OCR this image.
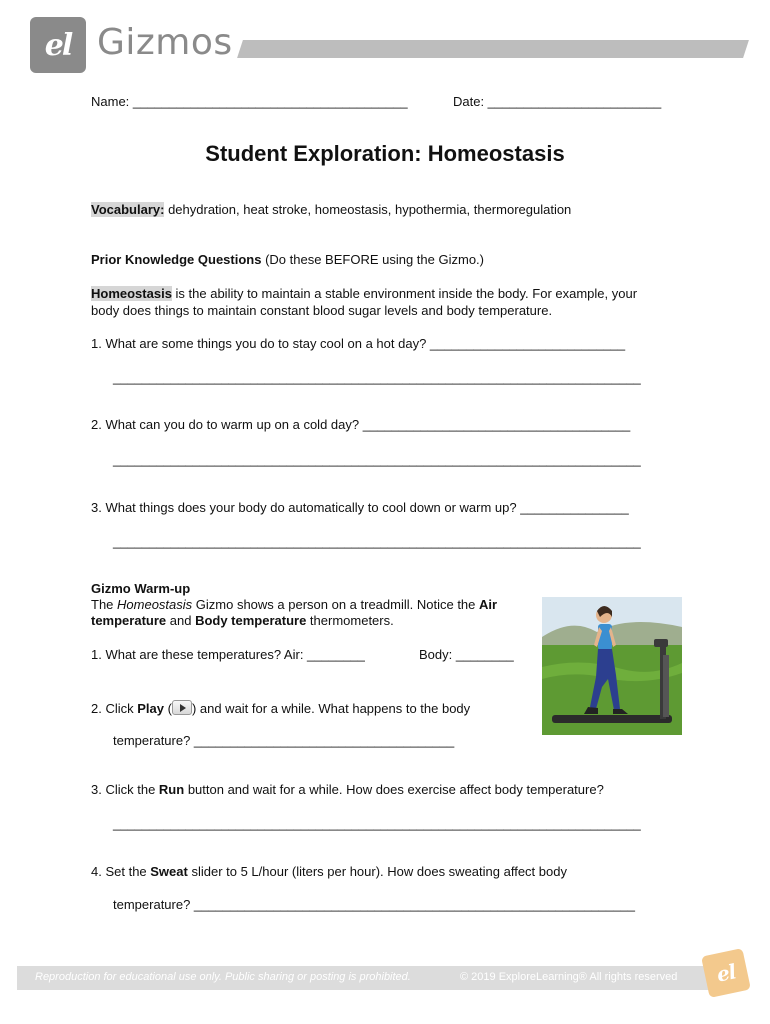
el Gizmos
Name: ______________________________________	Date: ________________________
Student Exploration: Homeostasis
Vocabulary: dehydration, heat stroke, homeostasis, hypothermia, thermoregulation
Prior Knowledge Questions (Do these BEFORE using the Gizmo.)
Homeostasis is the ability to maintain a stable environment inside the body. For example, your
body does things to maintain constant blood sugar levels and body temperature.
1. What are some things you do to stay cool on a hot day? ___________________________
_________________________________________________________________________
2. What can you do to warm up on a cold day? _____________________________________
_________________________________________________________________________
3. What things does your body do automatically to cool down or warm up? _______________
_________________________________________________________________________
Gizmo Warm-up
The Homeostasis Gizmo shows a person on a treadmill. Notice the Air
temperature and Body temperature thermometers.
1. What are these temperatures? Air: ________	Body: ________
2. Click Play ( ) and wait for a while. What happens to the body
temperature? ____________________________________
3. Click the Run button and wait for a while. How does exercise affect body temperature?
_________________________________________________________________________
4. Set the Sweat slider to 5 L/hour (liters per hour). How does sweating affect body
temperature? _____________________________________________________________
Reproduction for educational use only. Public sharing or posting is prohibited.	© 2019 ExploreLearning® All rights reserved el
